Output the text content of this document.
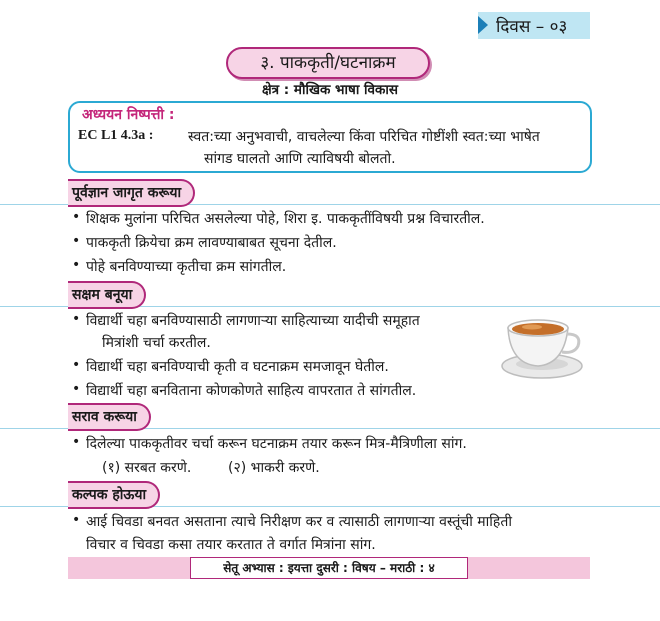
दिवस – ०३
३. पाककृती/घटनाक्रम
क्षेत्र : मौखिक भाषा विकास
अध्ययन निष्पत्ती :
EC L1 4.3a : स्वत:च्या अनुभवाची, वाचलेल्या किंवा परिचित गोष्टींशी स्वत:च्या भाषेत
सांगड घालतो आणि त्याविषयी बोलतो.
पूर्वज्ञान जागृत करूया
• शिक्षक मुलांना परिचित असलेल्या पोहे, शिरा इ. पाककृतींविषयी प्रश्न विचारतील.
• पाककृती क्रियेचा क्रम लावण्याबाबत सूचना देतील.
• पोहे बनविण्याच्या कृतीचा क्रम सांगतील.
सक्षम बनूया
• विद्यार्थी चहा बनविण्यासाठी लागणाऱ्या साहित्याच्या यादीची समूहात
मित्रांशी चर्चा करतील.
• विद्यार्थी चहा बनविण्याची कृती व घटनाक्रम समजावून घेतील.
• विद्यार्थी चहा बनविताना कोणकोणते साहित्य वापरतात ते सांगतील.
सराव करूया
• दिलेल्या पाककृतीवर चर्चा करून घटनाक्रम तयार करून मित्र-मैत्रिणीला सांग.
(१) सरबत करणे.	(२) भाकरी करणे.
कल्पक होऊया
• आई चिवडा बनवत असताना त्याचे निरीक्षण कर व त्यासाठी लागणाऱ्या वस्तूंची माहिती
विचार व चिवडा कसा तयार करतात ते वर्गात मित्रांना सांग.
सेतू अभ्यास : इयत्ता दुसरी : विषय – मराठी : ४
